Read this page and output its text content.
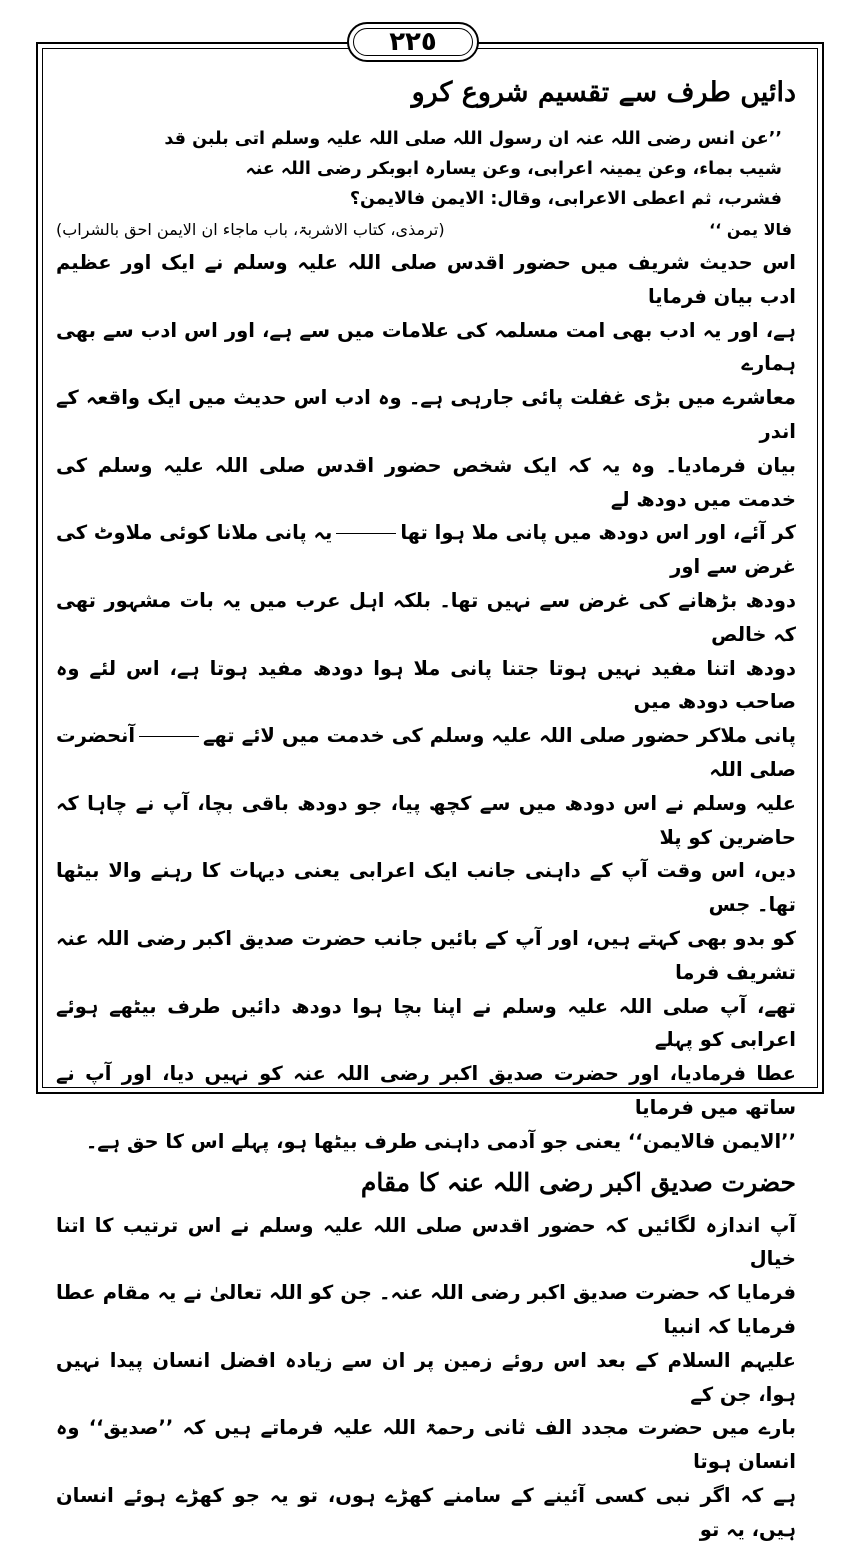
٢٢٥
دائیں طرف سے تقسیم شروع کرو

’’عن انس رضی اللہ عنہ ان رسول اللہ صلی اللہ علیہ وسلم اتی بلبن قد

شیب بماء، وعن یمینہ اعرابی، وعن یسارہ ابوبکر رضی اللہ عنہ

فشرب، ثم اعطی الاعرابی، وقال: الایمن فالایمن؟

فالا یمن ‘‘
(ترمذی، کتاب الاشربۃ، باب ماجاء ان الایمن احق بالشراب)

اس حدیث شریف میں حضور اقدس صلی اللہ علیہ وسلم نے ایک اور عظیم ادب بیان فرمایا

ہے، اور یہ ادب بھی امت مسلمہ کی علامات میں سے ہے، اور اس ادب سے بھی ہمارے

معاشرے میں بڑی غفلت پائی جارہی ہے۔ وہ ادب اس حدیث میں ایک واقعہ کے اندر

بیان فرمادیا۔ وہ یہ کہ ایک شخص حضور اقدس صلی اللہ علیہ وسلم کی خدمت میں دودھ لے

کر آئے، اور اس دودھ میں پانی ملا ہوا تھایہ پانی ملانا کوئی ملاوٹ کی غرض سے اور

دودھ بڑھانے کی غرض سے نہیں تھا۔ بلکہ اہل عرب میں یہ بات مشہور تھی کہ خالص

دودھ اتنا مفید نہیں ہوتا جتنا پانی ملا ہوا دودھ مفید ہوتا ہے، اس لئے وہ صاحب دودھ میں

پانی ملاکر حضور صلی اللہ علیہ وسلم کی خدمت میں لائے تھےآنحضرت صلی اللہ

علیہ وسلم نے اس دودھ میں سے کچھ پیا، جو دودھ باقی بچا، آپ نے چاہا کہ حاضرین کو پلا

دیں، اس وقت آپ کے داہنی جانب ایک اعرابی یعنی دیہات کا رہنے والا بیٹھا تھا۔ جس

کو بدو بھی کہتے ہیں، اور آپ کے بائیں جانب حضرت صدیق اکبر رضی اللہ عنہ تشریف فرما

تھے، آپ صلی اللہ علیہ وسلم نے اپنا بچا ہوا دودھ دائیں طرف بیٹھے ہوئے اعرابی کو پہلے

عطا فرمادیا، اور حضرت صدیق اکبر رضی اللہ عنہ کو نہیں دیا، اور آپ نے ساتھ میں فرمایا

’’الایمن فالایمن‘‘ یعنی جو آدمی داہنی طرف بیٹھا ہو، پہلے اس کا حق ہے۔

حضرت صدیق اکبر رضی اللہ عنہ کا مقام

آپ اندازہ لگائیں کہ حضور اقدس صلی اللہ علیہ وسلم نے اس ترتیب کا اتنا خیال

فرمایا کہ حضرت صدیق اکبر رضی اللہ عنہ۔ جن کو اللہ تعالیٰ نے یہ مقام عطا فرمایا کہ انبیا

علیہم السلام کے بعد اس روئے زمین پر ان سے زیادہ افضل انسان پیدا نہیں ہوا، جن کے

بارے میں حضرت مجدد الف ثانی رحمۃ اللہ علیہ فرماتے ہیں کہ ’’صدیق‘‘ وہ انسان ہوتا

ہے کہ اگر نبی کسی آئینے کے سامنے کھڑے ہوں، تو یہ جو کھڑے ہوئے انسان ہیں، یہ تو
